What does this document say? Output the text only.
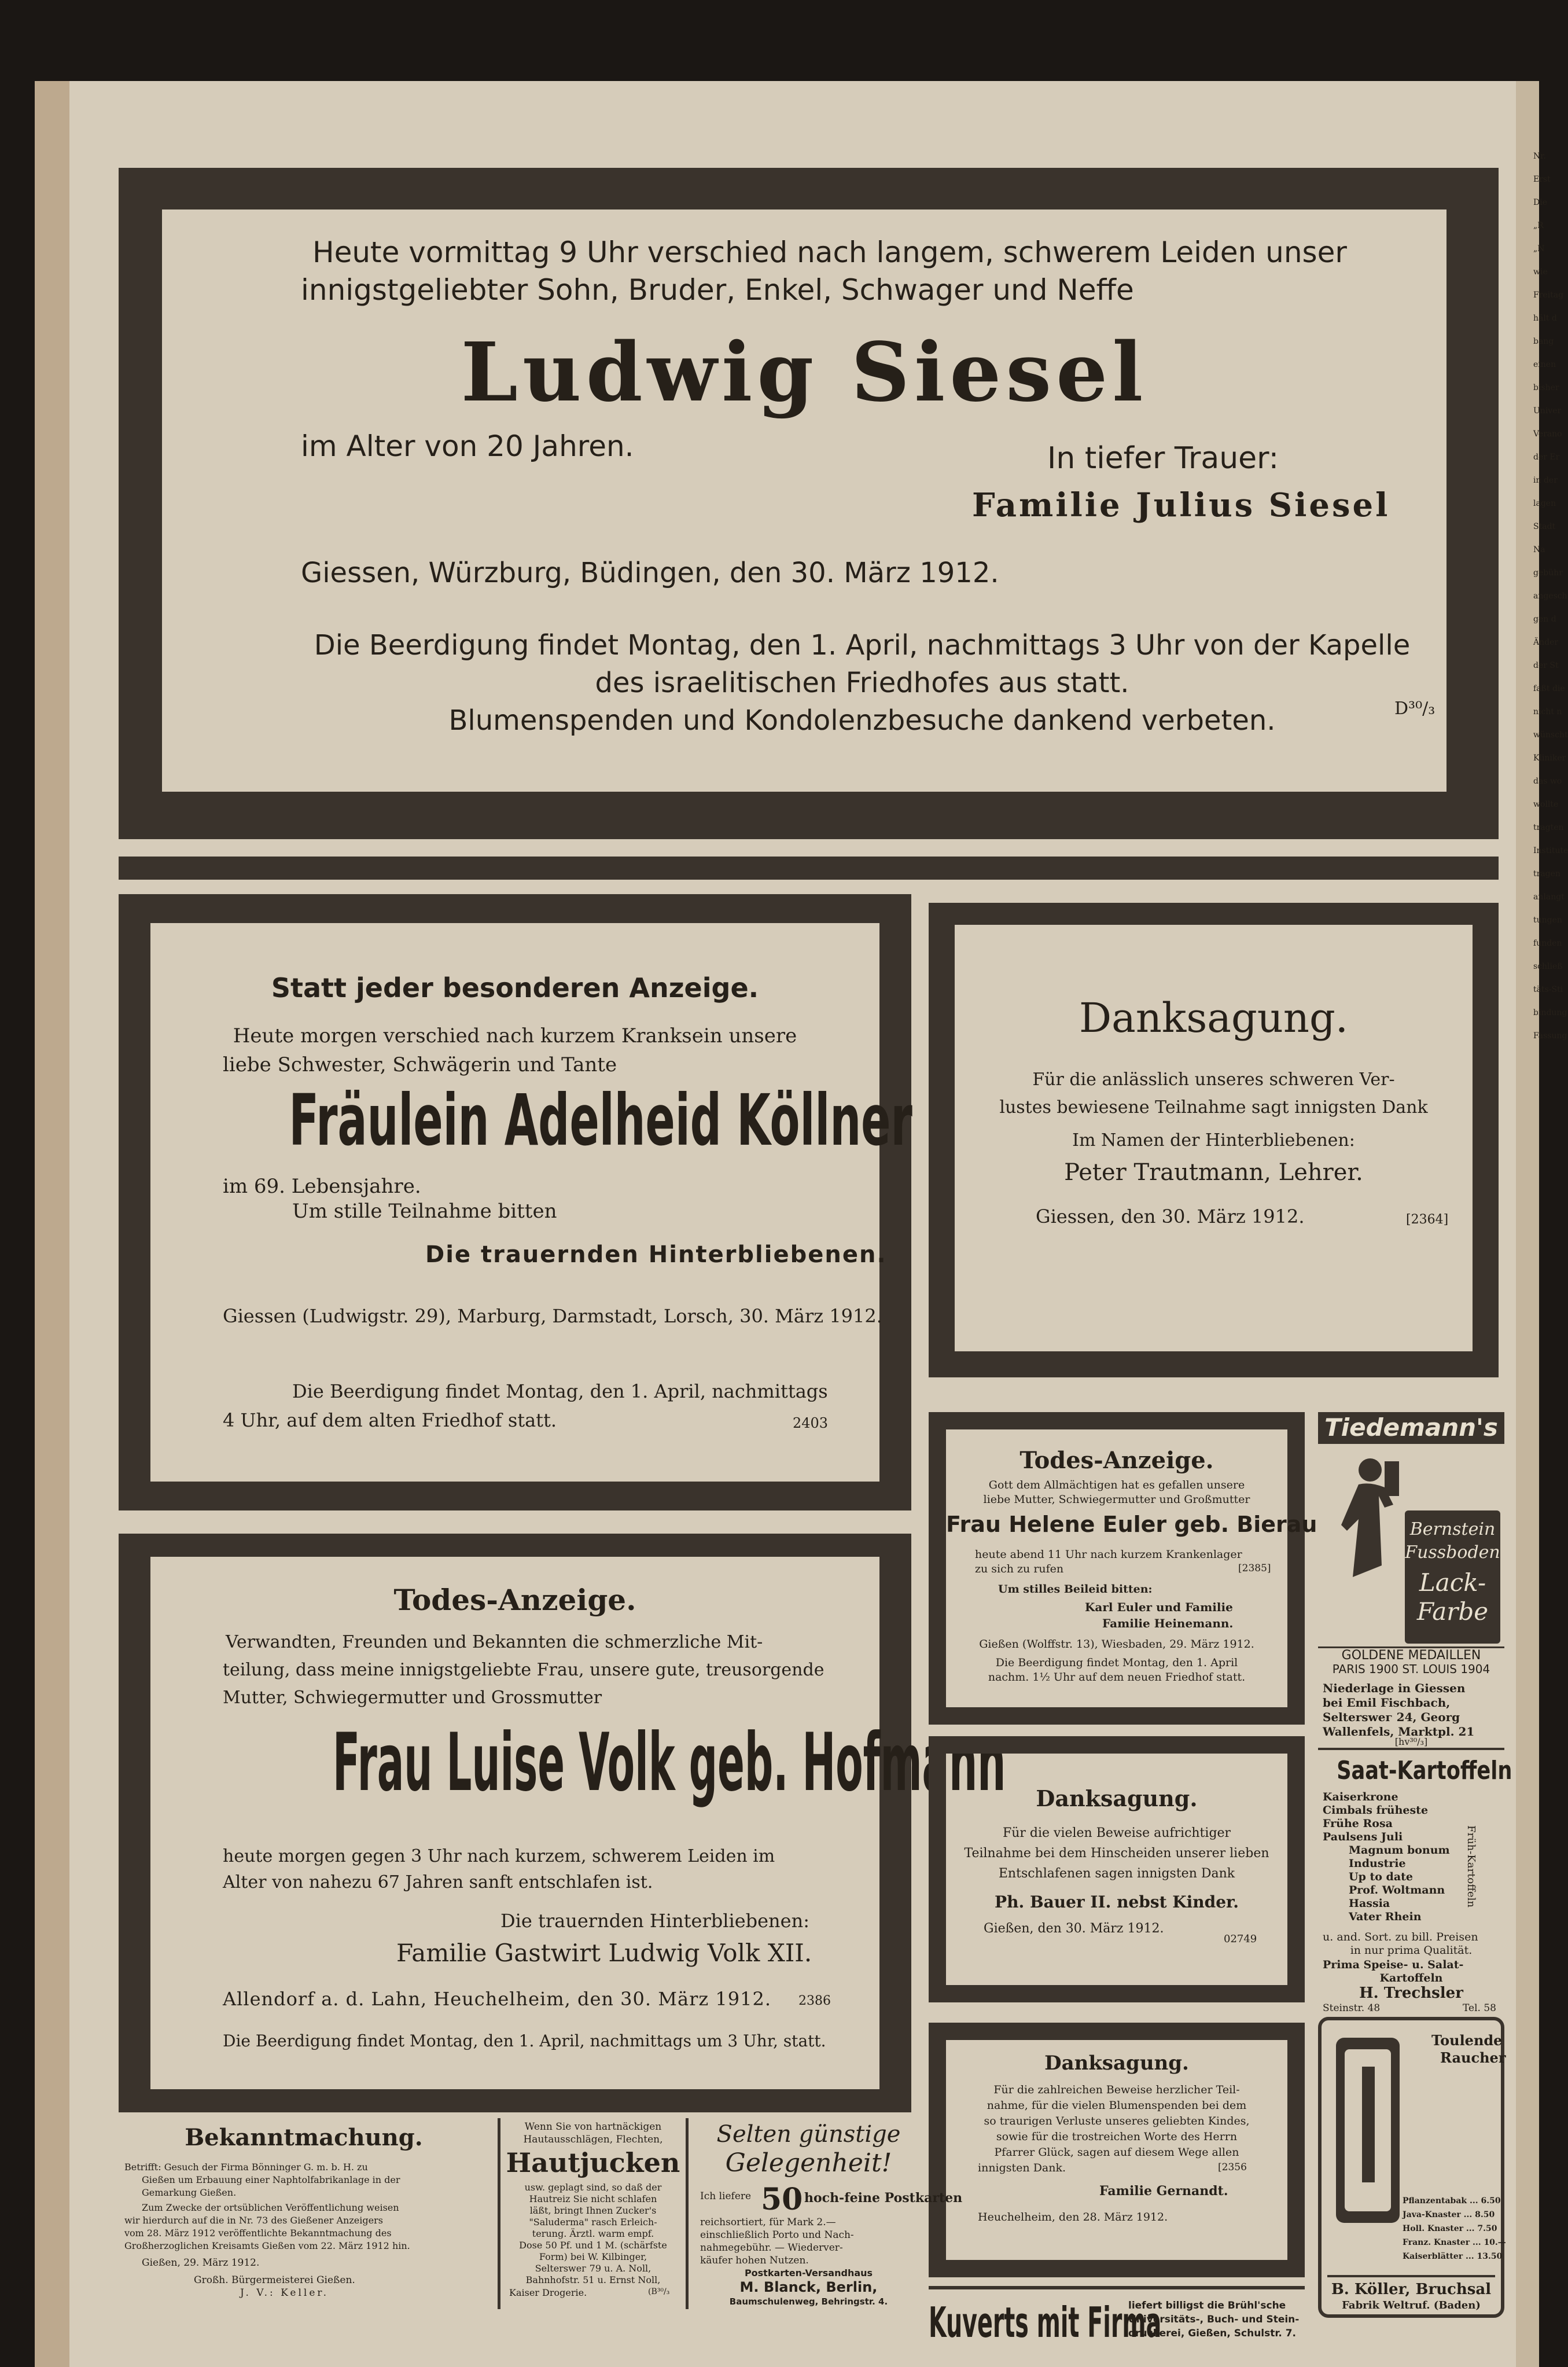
Heute vormittag 9 Uhr verschied nach langem, schwerem Leiden unser
innigstgeliebter Sohn, Bruder, Enkel, Schwager und Neffe
Ludwig Siesel
im Alter von 20 Jahren.	In tiefer Trauer:
Familie Julius Siesel
Giessen, Würzburg, Büdingen, den 30. März 1912.
Die Beerdigung findet Montag, den 1. April, nachmittags 3 Uhr von der Kapelle
des israelitischen Friedhofes aus statt.
Blumenspenden und Kondolenzbesuche dankend verbeten.	D³⁰/₃
Statt jeder besonderen Anzeige.
Heute morgen verschied nach kurzem Kranksein unsere
liebe Schwester, Schwägerin und Tante
Fräulein Adelheid Köllner
im 69. Lebensjahre.
Um stille Teilnahme bitten
Die trauernden Hinterbliebenen.
Giessen (Ludwigstr. 29), Marburg, Darmstadt, Lorsch, 30. März 1912.
Die Beerdigung findet Montag, den 1. April, nachmittags
4 Uhr, auf dem alten Friedhof statt.	2403
Danksagung.
Für die anlässlich unseres schweren Ver-
lustes bewiesene Teilnahme sagt innigsten Dank
Im Namen der Hinterbliebenen:
Peter Trautmann, Lehrer.
Giessen, den 30. März 1912.	[2364]
Todes-Anzeige.
Gott dem Allmächtigen hat es gefallen unsere
liebe Mutter, Schwiegermutter und Großmutter
Frau Helene Euler geb. Bierau
heute abend 11 Uhr nach kurzem Krankenlager
zu sich zu rufen	[2385]
Um stilles Beileid bitten:
Karl Euler und Familie
Familie Heinemann.
Gießen (Wolffstr. 13), Wiesbaden, 29. März 1912.
Die Beerdigung findet Montag, den 1. April
nachm. 1½ Uhr auf dem neuen Friedhof statt.
Tiedemann's
Bernstein
Fussboden
Lack-
Farbe
GOLDENE MEDAILLEN
PARIS 1900 ST. LOUIS 1904
Niederlage in Giessen
bei Emil Fischbach,
Selterswег 24, Georg
Wallenfels, Marktpl. 21
[hv³⁰/₃]
Todes-Anzeige.
Verwandten, Freunden und Bekannten die schmerzliche Mit-
teilung, dass meine innigstgeliebte Frau, unsere gute, treusorgende
Mutter, Schwiegermutter und Grossmutter
Frau Luise Volk geb. Hofmann
heute morgen gegen 3 Uhr nach kurzem, schwerem Leiden im
Alter von nahezu 67 Jahren sanft entschlafen ist.
Die trauernden Hinterbliebenen:
Familie Gastwirt Ludwig Volk XII.
Allendorf a. d. Lahn, Heuchelheim, den 30. März 1912. 2386
Die Beerdigung findet Montag, den 1. April, nachmittags um 3 Uhr, statt.
Danksagung.
Für die vielen Beweise aufrichtiger
Teilnahme bei dem Hinscheiden unserer lieben
Entschlafenen sagen innigsten Dank
Ph. Bauer II. nebst Kinder.
Gießen, den 30. März 1912.
02749
Saat-Kartoffeln
Früh-Kartoffeln
Kaiserkrone
Cimbals früheste
Frühe Rosa
Paulsens Juli
Magnum bonum
Industrie
Up to date
Prof. Woltmann
Hassia
Vater Rhein
u. and. Sort. zu bill. Preisen
in nur prima Qualität.
Prima Speise- u. Salat-
Kartoffeln
H. Trechsler
Steinstr. 48	Tel. 58
Danksagung.
Für die zahlreichen Beweise herzlicher Teil-
nahme, für die vielen Blumenspenden bei dem
so traurigen Verluste unseres geliebten Kindes,
sowie für die trostreichen Worte des Herrn
Pfarrer Glück, sagen auf diesem Wege allen
innigsten Dank.	[2356
Familie Gernandt.
Heuchelheim, den 28. März 1912.
Toulende
Raucher
Pflanzentabak ... 6.50
Java-Knaster ... 8.50
Holl. Knaster ... 7.50
Franz. Knaster ... 10.—
Kaiserblätter ... 13.50
B. Köller, Bruchsal
Fabrik Weltruf. (Baden)
Bekanntmachung.
Betrifft: Gesuch der Firma Bönninger G. m. b. H. zu
Gießen um Erbauung einer Naphtolfabrikanlage in der
Gemarkung Gießen.
Zum Zwecke der ortsüblichen Veröffentlichung weisen
wir hierdurch auf die in Nr. 73 des Gießener Anzeigers
vom 28. März 1912 veröffentlichte Bekanntmachung des
Großherzoglichen Kreisamts Gießen vom 22. März 1912 hin.
Gießen, 29. März 1912.
Großh. Bürgermeisterei Gießen.
J. V.: Keller.
Wenn Sie von hartnäckigen
Hautausschlägen, Flechten,
Hautjucken
usw. geplagt sind, so daß der
Hautreiz Sie nicht schlafen
läßt, bringt Ihnen Zucker's
"Saluderma" rasch Erleich-
terung. Ärztl. warm empf.
Dose 50 Pf. und 1 M. (schärfste
Form) bei W. Kilbinger,
Selterswег 79 u. A. Noll,
Bahnhofstr. 51 u. Ernst Noll,
Kaiser Drogerie.	(B³⁰/₃
Selten günstige
Gelegenheit!
Ich liefere 50 hoch-feine Postkarten
reichsortiert, für Mark 2.—
einschließlich Porto und Nach-
nahmegebühr. — Wiederver-
käufer hohen Nutzen.
Postkarten-Versandhaus
M. Blanck, Berlin,
Baumschulenweg, Behringstr. 4. Kuverts mit Firma
liefert billigst die Brühl'sche
Universitäts-, Buch- und Stein-
druckerei, Gießen, Schulstr. 7.
Nr.
Erst
Die
„R
„N
wie
Freitag
hält d
bang
einen
bisher
Univer
Verano
der Er
in der
lagen
Stadt
Na
gebühr
angesch
gen d
Änder
der St
faßt die
nicht n
wünscht
Kliniker
das wo
wollte
tragten
Institute
tragen
anlangt
tungen
funden
schließ
täts-Sti
bindung
Fassung
